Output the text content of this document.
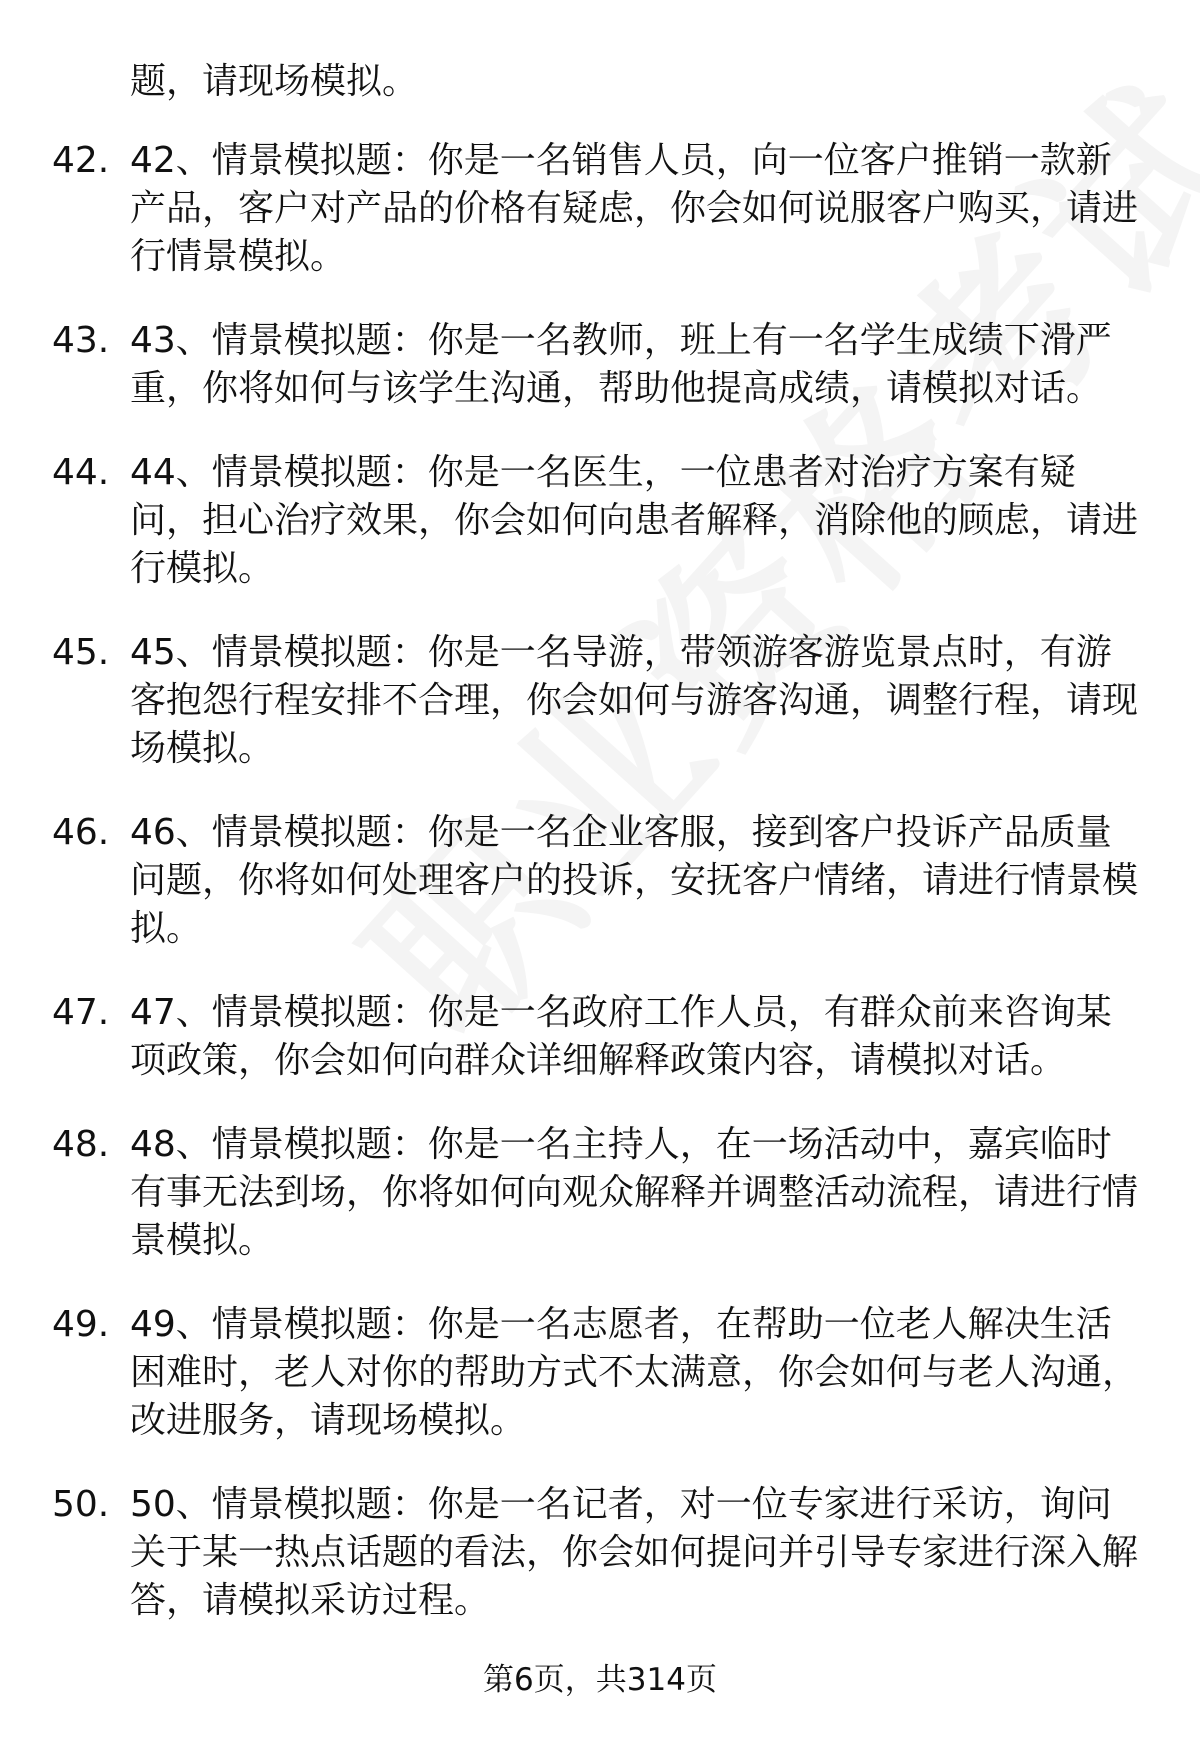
题，请现场模拟。
42. 42、情景模拟题：你是一名销售人员，向一位客户推销一款新产品，客户对产品的价格有疑虑，你会如何说服客户购买，请进行情景模拟。
43. 43、情景模拟题：你是一名教师，班上有一名学生成绩下滑严重，你将如何与该学生沟通，帮助他提高成绩，请模拟对话。
44. 44、情景模拟题：你是一名医生，一位患者对治疗方案有疑问，担心治疗效果，你会如何向患者解释，消除他的顾虑，请进行模拟。
45. 45、情景模拟题：你是一名导游，带领游客游览景点时，有游客抱怨行程安排不合理，你会如何与游客沟通，调整行程，请现场模拟。
46. 46、情景模拟题：你是一名企业客服，接到客户投诉产品质量问题，你将如何处理客户的投诉，安抚客户情绪，请进行情景模拟。
47. 47、情景模拟题：你是一名政府工作人员，有群众前来咨询某项政策，你会如何向群众详细解释政策内容，请模拟对话。
48. 48、情景模拟题：你是一名主持人，在一场活动中，嘉宾临时有事无法到场，你将如何向观众解释并调整活动流程，请进行情景模拟。
49. 49、情景模拟题：你是一名志愿者，在帮助一位老人解决生活困难时，老人对你的帮助方式不太满意，你会如何与老人沟通，改进服务，请现场模拟。
50. 50、情景模拟题：你是一名记者，对一位专家进行采访，询问关于某一热点话题的看法，你会如何提问并引导专家进行深入解答，请模拟采访过程。
第6页，共314页
